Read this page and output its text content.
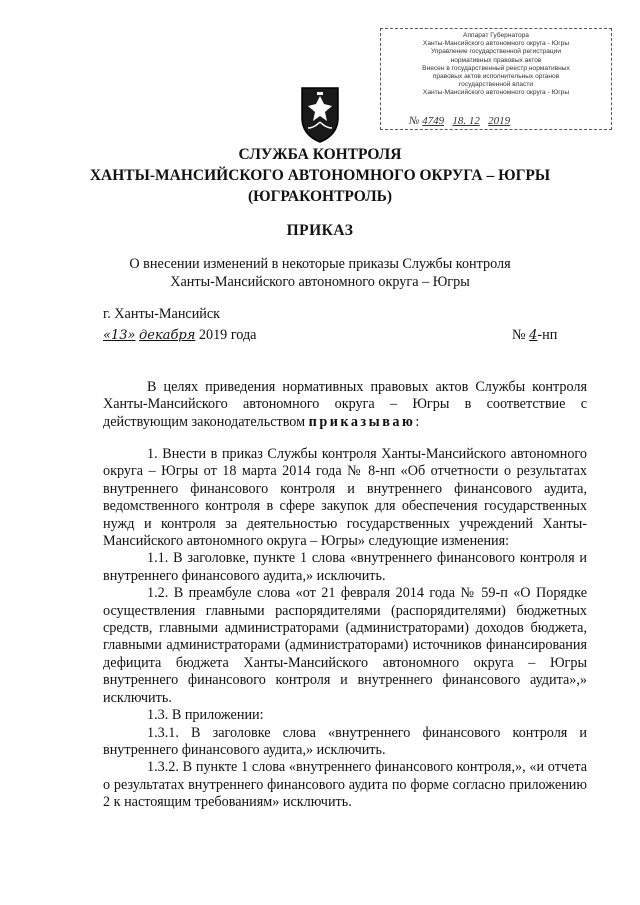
Аппарат Губернатора
Ханты-Мансийского автономного округа - Югры
Управление государственной регистрации
нормативных правовых актов
Внесен в государственный реестр нормативных
правовых актов исполнительных органов
государственной власти
Ханты-Мансийского автономного округа - Югры
№ 4749 18. 12 2019
СЛУЖБА КОНТРОЛЯ
ХАНТЫ-МАНСИЙСКОГО АВТОНОМНОГО ОКРУГА – ЮГРЫ
(ЮГРАКОНТРОЛЬ)
ПРИКАЗ
О внесении изменений в некоторые приказы Службы контроля
Ханты-Мансийского автономного округа – Югры
г. Ханты-Мансийск
«13» декабря 2019 года	№ 4-нп

В целях приведения нормативных правовых актов Службы контроля Ханты-Мансийского автономного округа – Югры в соответствие с действующим законодательством приказываю:

1. Внести в приказ Службы контроля Ханты-Мансийского автономного округа – Югры от 18 марта 2014 года № 8-нп «Об отчетности о результатах внутреннего финансового контроля и внутреннего финансового аудита, ведомственного контроля в сфере закупок для обеспечения государственных нужд и контроля за деятельностью государственных учреждений Ханты-Мансийского автономного округа – Югры» следующие изменения:

1.1. В заголовке, пункте 1 слова «внутреннего финансового контроля и внутреннего финансового аудита,» исключить.

1.2. В преамбуле слова «от 21 февраля 2014 года № 59-п «О Порядке осуществления главными распорядителями (распорядителями) бюджетных средств, главными администраторами (администраторами) доходов бюджета, главными администраторами (администраторами) источников финансирования дефицита бюджета Ханты-Мансийского автономного округа – Югры внутреннего финансового контроля и внутреннего финансового аудита»,» исключить.

1.3. В приложении:

1.3.1. В заголовке слова «внутреннего финансового контроля и внутреннего финансового аудита,» исключить.

1.3.2. В пункте 1 слова «внутреннего финансового контроля,», «и отчета о результатах внутреннего финансового аудита по форме согласно приложению 2 к настоящим требованиям» исключить.
